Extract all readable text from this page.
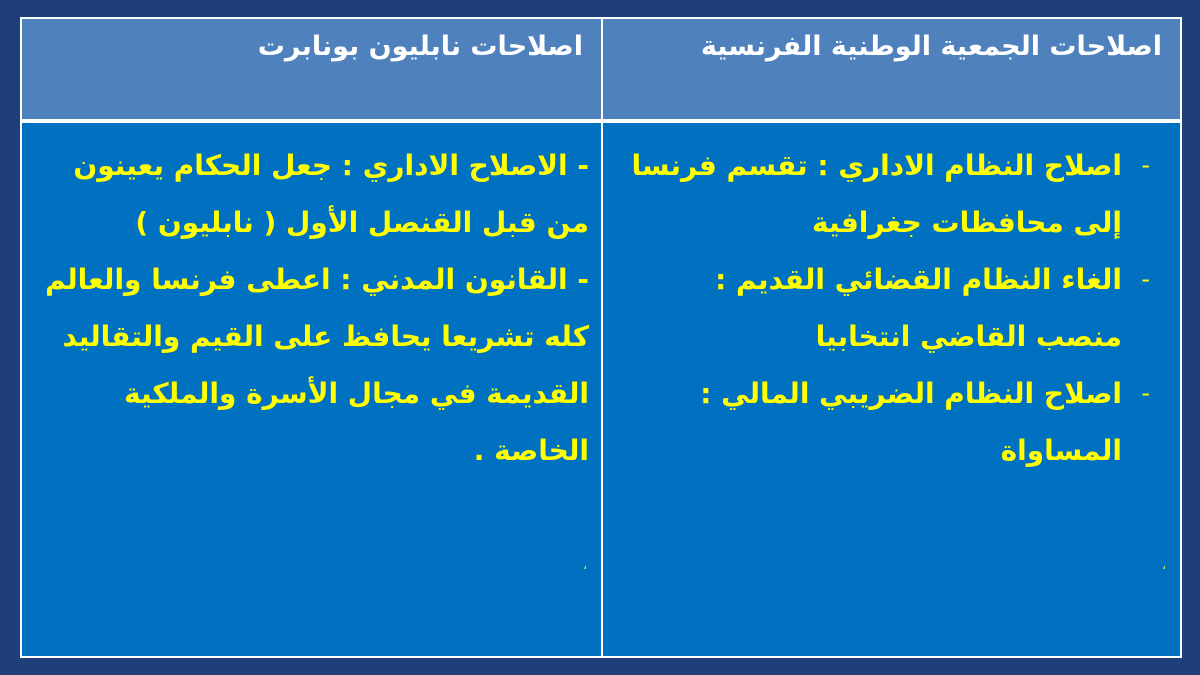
اصلاحات الجمعية الوطنية الفرنسية
اصلاحات نابليون بونابرت
-
اصلاح النظام الاداري : تقسم فرنسا إلى محافظات جغرافية
-
الغاء النظام القضائي القديم : منصب القاضي انتخابيا
-
اصلاح النظام الضريبي المالي : المساواة
،

- الاصلاح الاداري : جعل الحكام يعينون من قبل القنصل الأول ( نابليون )

- القانون المدني : اعطى فرنسا والعالم كله تشريعا يحافظ على القيم والتقاليد القديمة في مجال الأسرة والملكية الخاصة .

،
